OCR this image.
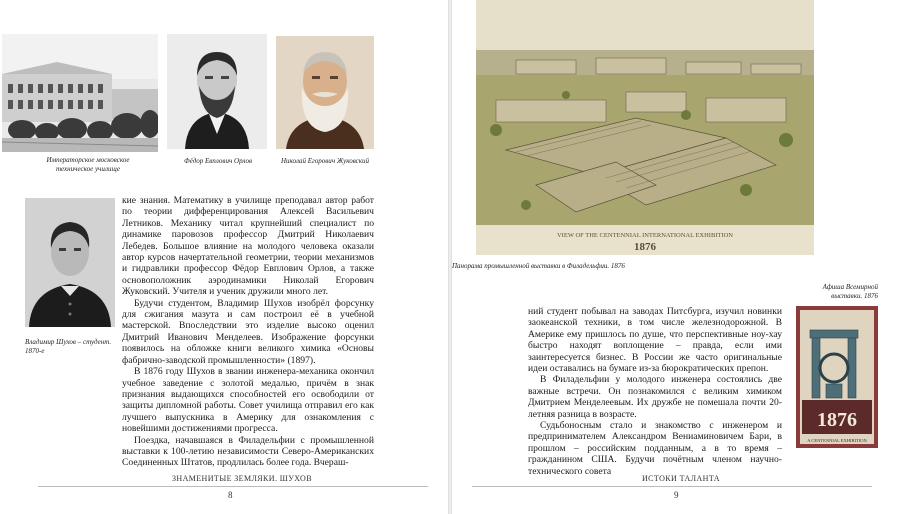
Императорское московское техническое училище
Фёдор Евплович Орлов	Николай Егорович Жуковский
Владимир Шухов – студент. 1870-е

кие знания. Математику в училище преподавал автор работ по теории дифференцирования Алексей Васильевич Летников. Механику читал крупнейший специалист по динамике паровозов профессор Дмитрий Николаевич Лебедев. Большое влияние на молодого человека оказали автор курсов начертательной геометрии, теории механизмов и гидравлики профессор Фёдор Евплович Орлов, а также основоположник аэродинамики Николай Егорович Жуковский. Учителя и ученик дружили много лет.

Будучи студентом, Владимир Шухов изобрёл форсунку для сжигания мазута и сам построил её в учебной мастерской. Впоследствии это изделие высоко оценил Дмитрий Иванович Менделеев. Изображение форсунки появилось на обложке книги великого химика «Основы фабрично-заводской промышленности» (1897).

В 1876 году Шухов в звании инженера-механика окончил учебное заведение с золотой медалью, причём в знак признания выдающихся способностей его освободили от защиты дипломной работы. Совет училища отправил его как лучшего выпускника в Америку для ознакомления с новейшими достижениями прогресса.

Поездка, начавшаяся в Филадельфии с промышленной выставки к 100-летию независимости Северо-Американских Соединенных Штатов, продлилась более года. Вчераш-

ЗНАМЕНИТЫЕ ЗЕМЛЯКИ. ШУХОВ
8
VIEW OF THE CENTENNIAL INTERNATIONAL EXHIBITION
1876
Панорама промышленной выставки в Филадельфии. 1876
Афиша Всемирной выставки. 1876
1876
A CENTENNIAL EXHIBITION

ний студент побывал на заводах Питсбурга, изучил новинки заокеанской техники, в том числе железнодорожной. В Америке ему пришлось по душе, что перспективные ноу-хау быстро находят воплощение – правда, если ими заинтересуется бизнес. В России же часто оригинальные идеи оставались на бумаге из-за бюрократических препон.

В Филадельфии у молодого инженера состоялись две важные встречи. Он познакомился с великим химиком Дмитрием Менделеевым. Их дружбе не помешала почти 20-летняя разница в возрасте.

Судьбоносным стало и знакомство с инженером и предпринимателем Александром Вениаминовичем Бари, в прошлом – российским подданным, а в то время – гражданином США. Будучи почётным членом научно-технического совета

ИСТОКИ ТАЛАНТА
9
